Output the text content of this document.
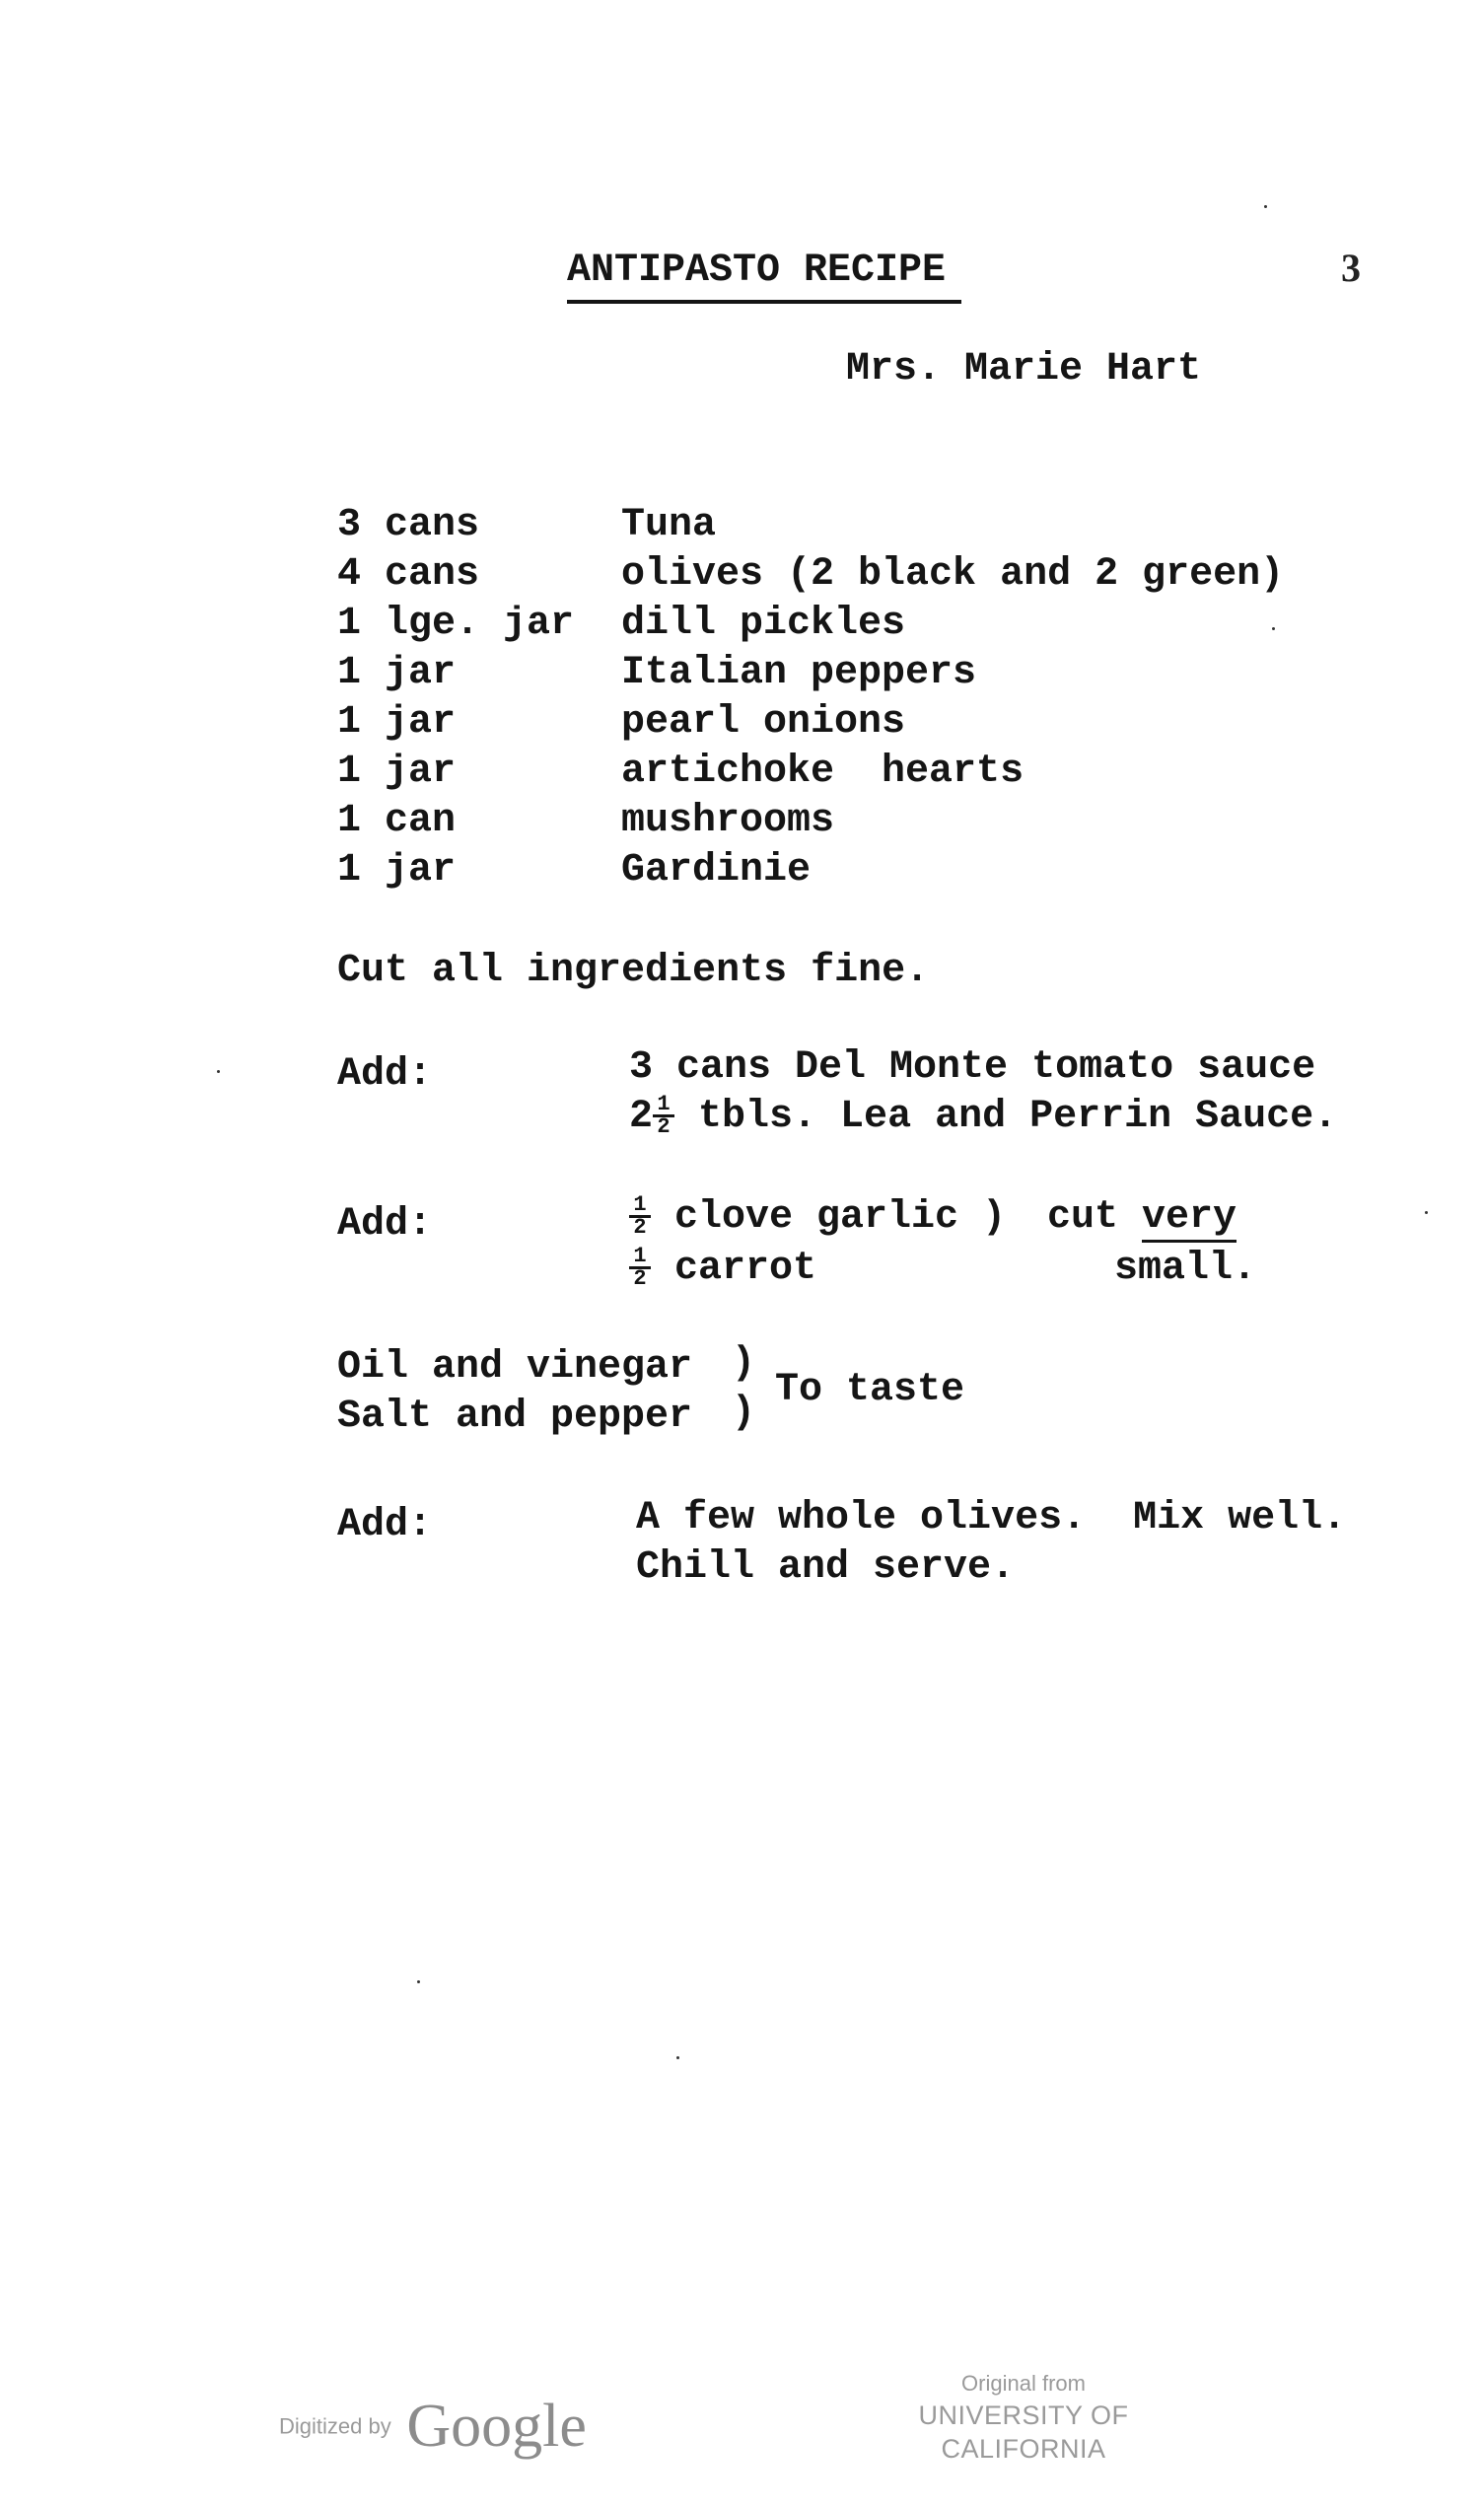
ANTIPASTO RECIPE	3
Mrs. Marie Hart
3 cans	Tuna
4 cans	olives (2 black and 2 green)
1 lge. jar dill pickles
1 jar	Italian peppers
1 jar	pearl onions
1 jar	artichoke  hearts
1 can	mushrooms
1 jar	Gardinie
Cut all ingredients fine.
Add:	3 cans Del Monte tomato sauce
$2 \frac{1}{2}$ tbls. Lea and Perrin Sauce.
Add:	$\frac{1}{2}$ clove garlic ) cut very
$\frac{1}{2}$ carrot	small.
Oil and vinegar
Salt and pepper
)
)
To taste
Add:	A few whole olives.  Mix well.
Chill and serve.
Digitized by Google
Original from
UNIVERSITY OF CALIFORNIA
